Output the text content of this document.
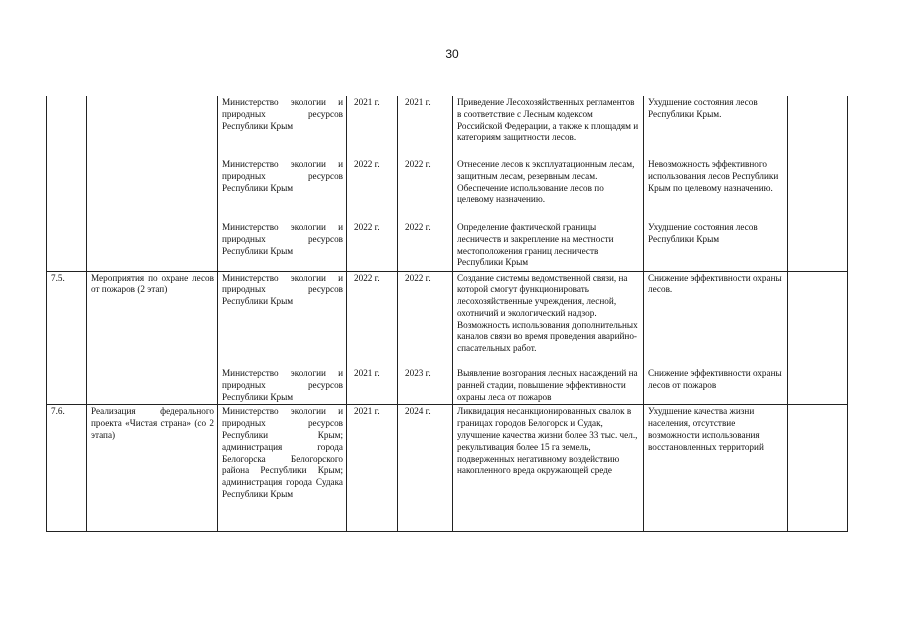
30
		Министерство экологии и природных ресурсов Республики Крым	2021 г.	2021 г.	Приведение Лесохозяйственных регламентов в соответствие с Лесным кодексом Российской Федерации, а также к площадям и категориям защитности лесов.	Ухудшение состояния лесов Республики Крым.	
		Министерство экологии и природных ресурсов Республики Крым	2022 г.	2022 г.	Отнесение лесов к эксплуатационным лесам, защитным лесам, резервным лесам. Обеспечение использование лесов по целевому назначению.	Невозможность эффективного использования лесов Республики Крым по целевому назначению.	
		Министерство экологии и природных ресурсов Республики Крым	2022 г.	2022 г.	Определение фактической границы лесничеств и закрепление на местности местоположения границ лесничеств Республики Крым	Ухудшение состояния лесов Республики Крым	
7.5.	Мероприятия по охране лесов от пожаров (2 этап)	Министерство экологии и природных ресурсов Республики Крым	2022 г.	2022 г.	Создание системы ведомственной связи, на которой смогут функционировать лесохозяйственные учреждения, лесной, охотничий и экологический надзор. Возможность использования дополнительных каналов связи во время проведения аварийно-спасательных работ.	Снижение эффективности охраны лесов.	
		Министерство экологии и природных ресурсов Республики Крым	2021 г.	2023 г.	Выявление возгорания лесных насаждений на ранней стадии, повышение эффективности охраны леса от пожаров	Снижение эффективности охраны лесов от пожаров	
7.6.	Реализация федерального проекта «Чистая страна» (со 2 этапа)	Министерство экологии и природных ресурсов Республики Крым; администрация города Белогорска Белогорского района Республики Крым; администрация города Судака Республики Крым	2021 г.	2024 г.	Ликвидация несанкционированных свалок в границах городов Белогорск и Судак, улучшение качества жизни более 33 тыс. чел., рекультивация более 15 га земель, подверженных негативному воздействию накопленного вреда окружающей среде	Ухудшение качества жизни населения, отсутствие возможности использования восстановленных территорий	
